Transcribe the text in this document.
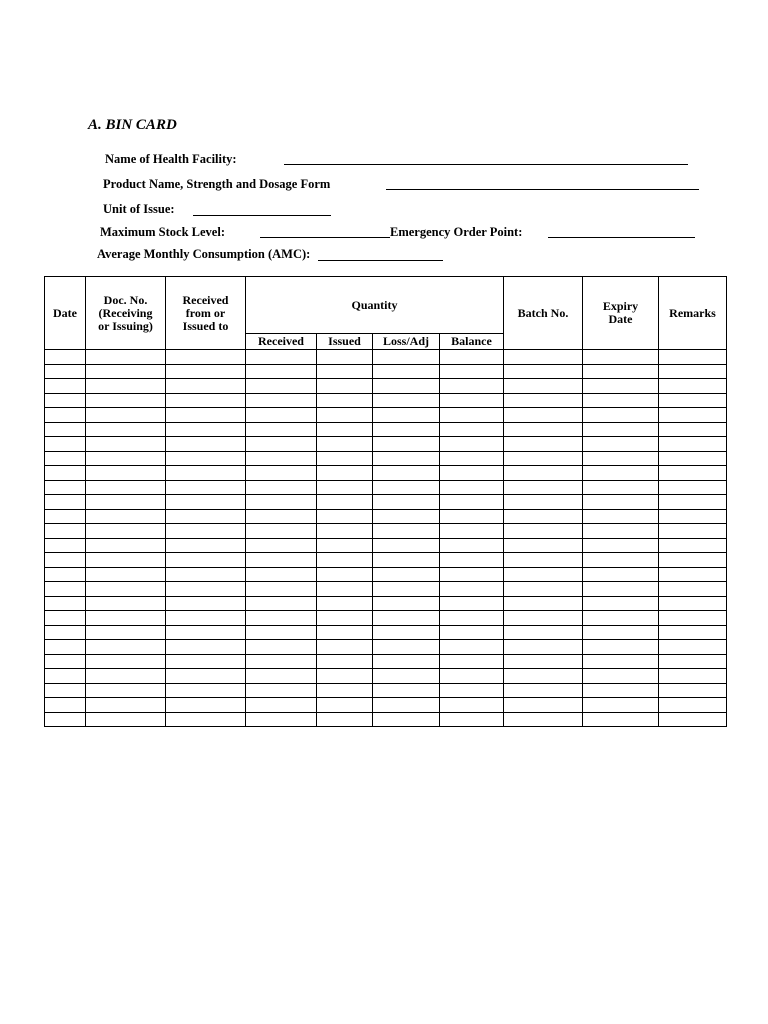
A. BIN CARD
Name of Health Facility:
Product Name, Strength and Dosage Form
Unit of Issue:
Maximum Stock Level:	Emergency Order Point:
Average Monthly Consumption (AMC):
Date	Doc. No. (Receiving or Issuing)	Received from or Issued to	Quantity				Batch No.	Expiry Date	Remarks
			Received	Issued	Loss/Adj	Balance			
